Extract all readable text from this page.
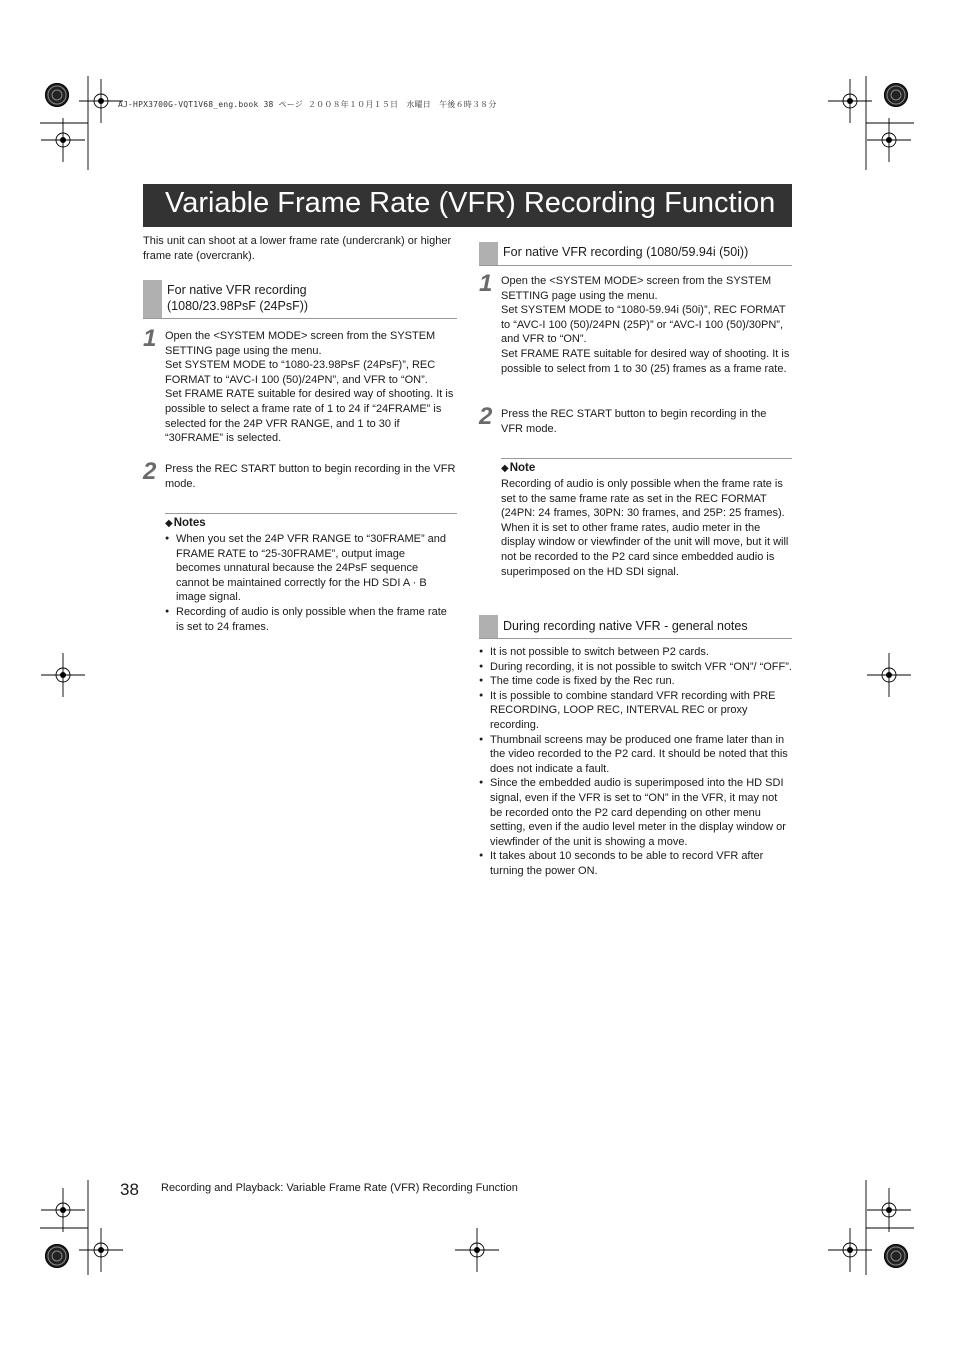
AJ-HPX3700G-VQT1V68_eng.book 38 ページ ２００８年１０月１５日　水曜日　午後６時３８分
Variable Frame Rate (VFR) Recording Function
This unit can shoot at a lower frame rate (undercrank) or higher frame rate (overcrank).
For native VFR recording
(1080/23.98PsF (24PsF))
1 Open the <SYSTEM MODE> screen from the SYSTEM SETTING page using the menu.

Set SYSTEM MODE to “1080-23.98PsF (24PsF)”, REC FORMAT to “AVC-I 100 (50)/24PN”, and VFR to “ON”.

Set FRAME RATE suitable for desired way of shooting. It is possible to select a frame rate of 1 to 24 if “24FRAME” is selected for the 24P VFR RANGE, and 1 to 30 if “30FRAME” is selected.

2 Press the REC START button to begin recording in the VFR mode.

◆Notes
● When you set the 24P VFR RANGE to “30FRAME” and FRAME RATE to “25-30FRAME”, output image becomes unnatural because the 24PsF sequence cannot be maintained correctly for the HD SDI A · B image signal.
● Recording of audio is only possible when the frame rate is set to 24 frames.
For native VFR recording (1080/59.94i (50i))
1 Open the <SYSTEM MODE> screen from the SYSTEM SETTING page using the menu.

Set SYSTEM MODE to “1080-59.94i (50i)”, REC FORMAT to “AVC-I 100 (50)/24PN (25P)” or “AVC-I 100 (50)/30PN”, and VFR to “ON”.

Set FRAME RATE suitable for desired way of shooting. It is possible to select from 1 to 30 (25) frames as a frame rate.

2 Press the REC START button to begin recording in the VFR mode.

◆Note

Recording of audio is only possible when the frame rate is set to the same frame rate as set in the REC FORMAT (24PN: 24 frames, 30PN: 30 frames, and 25P: 25 frames).

When it is set to other frame rates, audio meter in the display window or viewfinder of the unit will move, but it will not be recorded to the P2 card since embedded audio is superimposed on the HD SDI signal.

During recording native VFR - general notes
● It is not possible to switch between P2 cards.
● During recording, it is not possible to switch VFR “ON”/ “OFF”.
● The time code is fixed by the Rec run.
● It is possible to combine standard VFR recording with PRE RECORDING, LOOP REC, INTERVAL REC or proxy recording.
● Thumbnail screens may be produced one frame later than in the video recorded to the P2 card. It should be noted that this does not indicate a fault.
● Since the embedded audio is superimposed into the HD SDI signal, even if the VFR is set to “ON” in the VFR, it may not be recorded onto the P2 card depending on other menu setting, even if the audio level meter in the display window or viewfinder of the unit is showing a move.
● It takes about 10 seconds to be able to record VFR after turning the power ON.
38 Recording and Playback: Variable Frame Rate (VFR) Recording Function
